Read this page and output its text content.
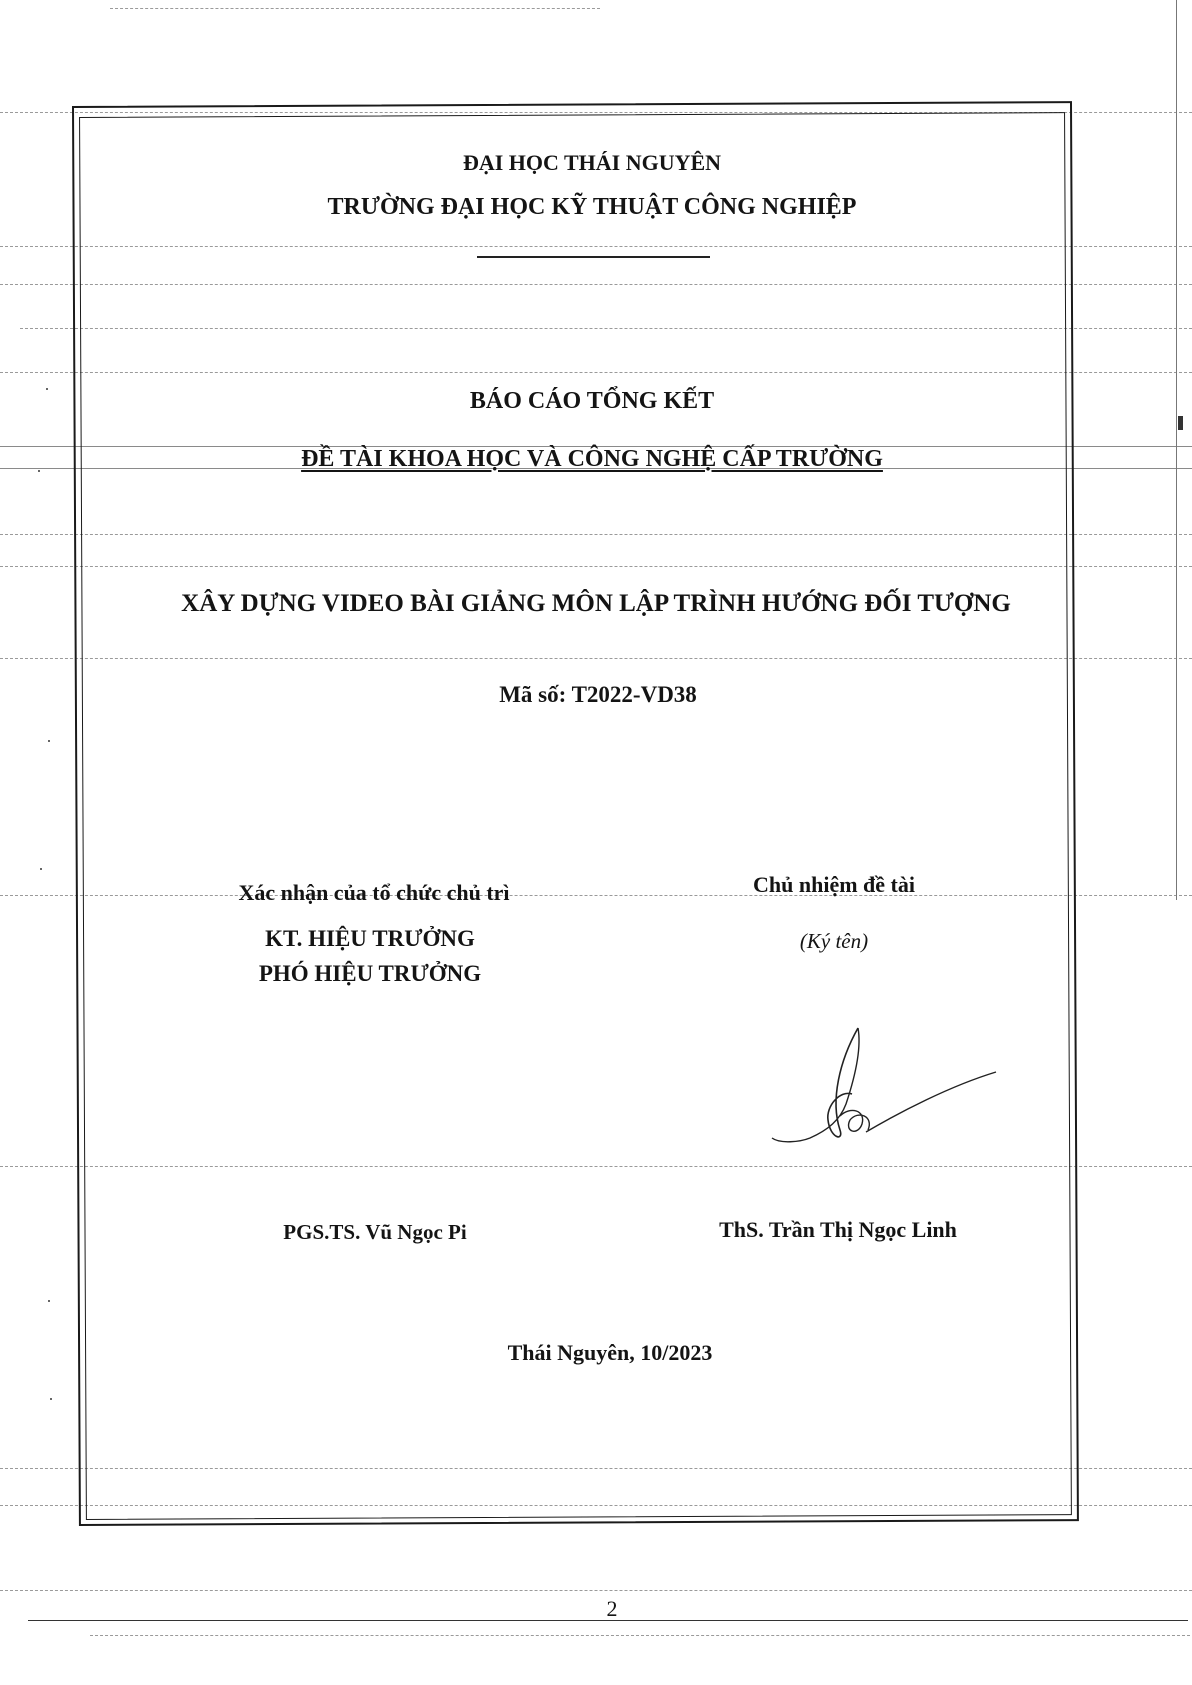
ĐẠI HỌC THÁI NGUYÊN
TRƯỜNG ĐẠI HỌC KỸ THUẬT CÔNG NGHIỆP
BÁO CÁO TỔNG KẾT
ĐỀ TÀI KHOA HỌC VÀ CÔNG NGHỆ CẤP TRƯỜNG
XÂY DỰNG VIDEO BÀI GIẢNG MÔN LẬP TRÌNH HƯỚNG ĐỐI TƯỢNG
Mã số: T2022-VD38
Xác nhận của tổ chức chủ trì
KT. HIỆU TRƯỞNG
PHÓ HIỆU TRƯỞNG
Chủ nhiệm đề tài
(Ký tên)
PGS.TS. Vũ Ngọc Pi	ThS. Trần Thị Ngọc Linh
Thái Nguyên, 10/2023
2
